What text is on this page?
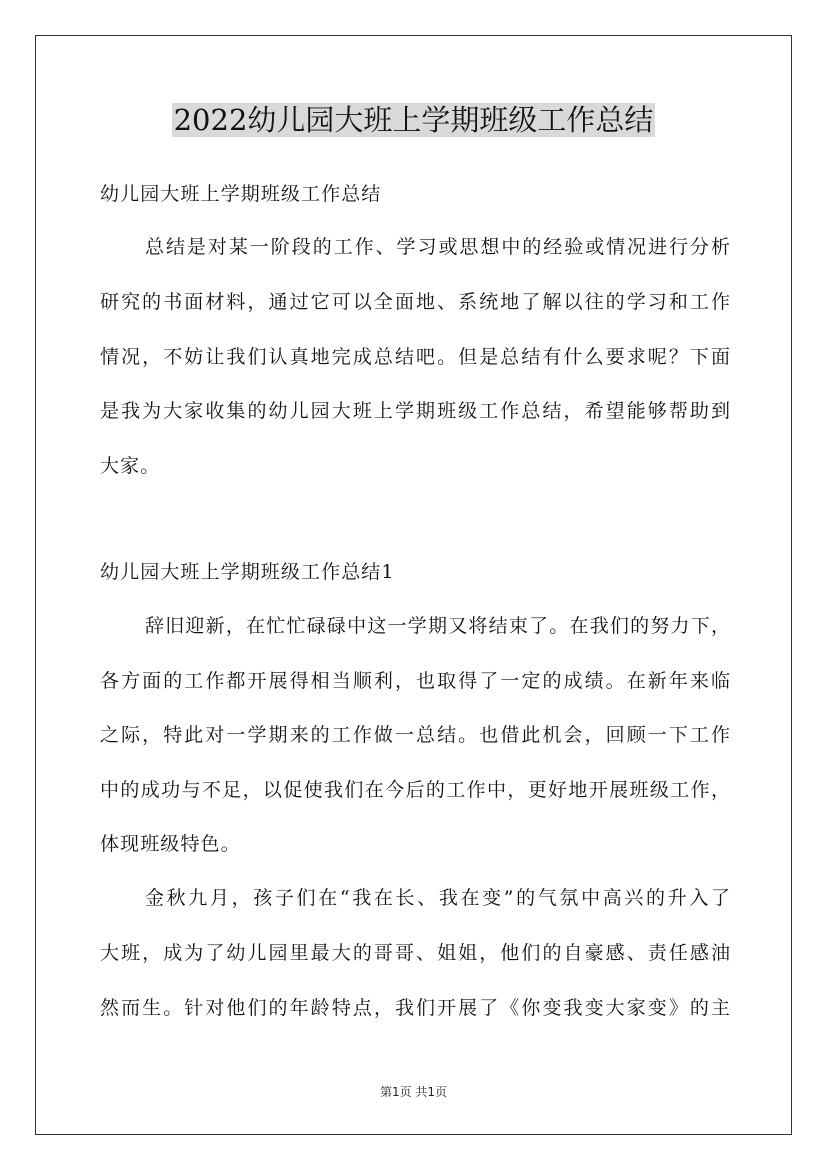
2022幼儿园大班上学期班级工作总结
幼儿园大班上学期班级工作总结
总结是对某一阶段的工作、学习或思想中的经验或情况进行分析
研究的书面材料，通过它可以全面地、系统地了解以往的学习和工作
情况，不妨让我们认真地完成总结吧。但是总结有什么要求呢？下面
是我为大家收集的幼儿园大班上学期班级工作总结，希望能够帮助到
大家。
幼儿园大班上学期班级工作总结1
辞旧迎新，在忙忙碌碌中这一学期又将结束了。在我们的努力下，
各方面的工作都开展得相当顺利，也取得了一定的成绩。在新年来临
之际，特此对一学期来的工作做一总结。也借此机会，回顾一下工作
中的成功与不足，以促使我们在今后的工作中，更好地开展班级工作，
体现班级特色。
金秋九月，孩子们在“我在长、我在变”的气氛中高兴的升入了
大班，成为了幼儿园里最大的哥哥、姐姐，他们的自豪感、责任感油
然而生。针对他们的年龄特点，我们开展了《你变我变大家变》的主
第1页 共1页
